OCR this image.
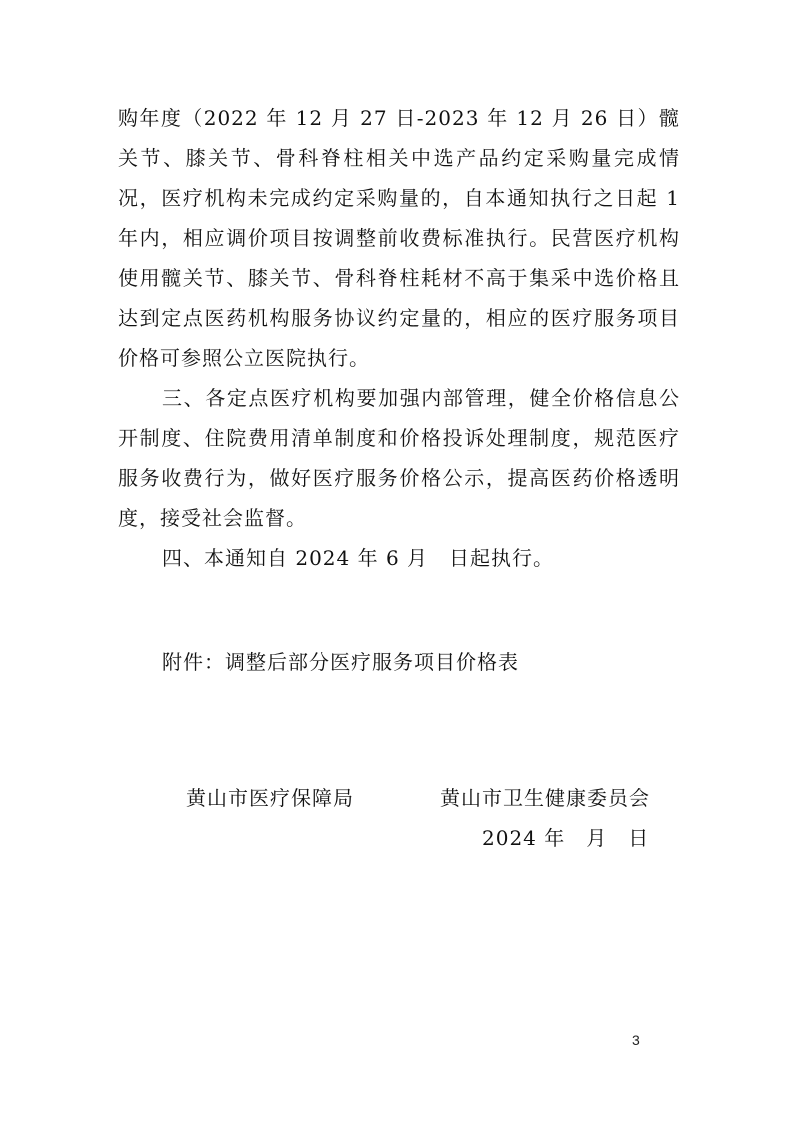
购年度（2022 年 12 月 27 日-2023 年 12 月 26 日）髋关节、膝关节、骨科脊柱相关中选产品约定采购量完成情况，医疗机构未完成约定采购量的，自本通知执行之日起 1 年内，相应调价项目按调整前收费标准执行。民营医疗机构使用髋关节、膝关节、骨科脊柱耗材不高于集采中选价格且达到定点医药机构服务协议约定量的，相应的医疗服务项目价格可参照公立医院执行。

三、各定点医疗机构要加强内部管理，健全价格信息公开制度、住院费用清单制度和价格投诉处理制度，规范医疗服务收费行为，做好医疗服务价格公示，提高医药价格透明度，接受社会监督。

四、本通知自 2024 年 6 月　日起执行。

附件：调整后部分医疗服务项目价格表
黄山市医疗保障局	黄山市卫生健康委员会
2024 年　月　日
3
